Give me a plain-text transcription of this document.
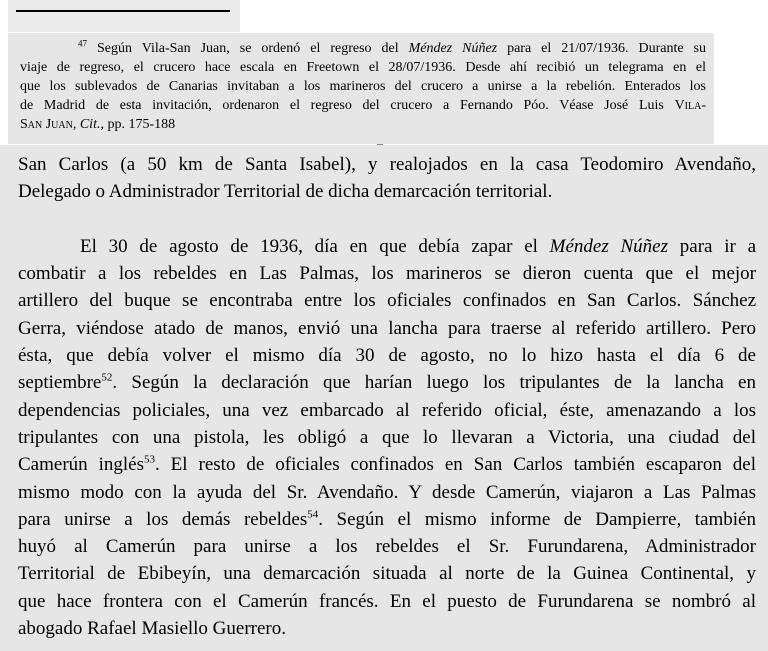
$^{47}$ Según Vila-San Juan, se ordenó el regreso del Méndez Núñez para el 21/07/1936. Durante su
viaje de regreso, el crucero hace escala en Freetown el 28/07/1936. Desde ahí recibió un telegrama en el
que los sublevados de Canarias invitaban a los marineros del crucero a unirse a la rebelión. Enterados los
de Madrid de esta invitación, ordenaron el regreso del crucero a Fernando Póo. Véase José Luis Vila-
San Juan, Cit., pp. 175-188

San Carlos (a 50 km de Santa Isabel), y realojados en la casa Teodomiro Avendaño,
Delegado o Administrador Territorial de dicha demarcación territorial.
El 30 de agosto de 1936, día en que debía zapar el Méndez Núñez para ir a
combatir a los rebeldes en Las Palmas, los marineros se dieron cuenta que el mejor
artillero del buque se encontraba entre los oficiales confinados en San Carlos. Sánchez
Gerra, viéndose atado de manos, envió una lancha para traerse al referido artillero. Pero
ésta, que debía volver el mismo día 30 de agosto, no lo hizo hasta el día 6 de
septiembre$^{52}$. Según la declaración que harían luego los tripulantes de la lancha en
dependencias policiales, una vez embarcado al referido oficial, éste, amenazando a los
tripulantes con una pistola, les obligó a que lo llevaran a Victoria, una ciudad del
Camerún inglés$^{53}$. El resto de oficiales confinados en San Carlos también escaparon del
mismo modo con la ayuda del Sr. Avendaño. Y desde Camerún, viajaron a Las Palmas
para unirse a los demás rebeldes$^{54}$. Según el mismo informe de Dampierre, también
huyó al Camerún para unirse a los rebeldes el Sr. Furundarena, Administrador
Territorial de Ebibeyín, una demarcación situada al norte de la Guinea Continental, y
que hace frontera con el Camerún francés. En el puesto de Furundarena se nombró al
abogado Rafael Masiello Guerrero.
